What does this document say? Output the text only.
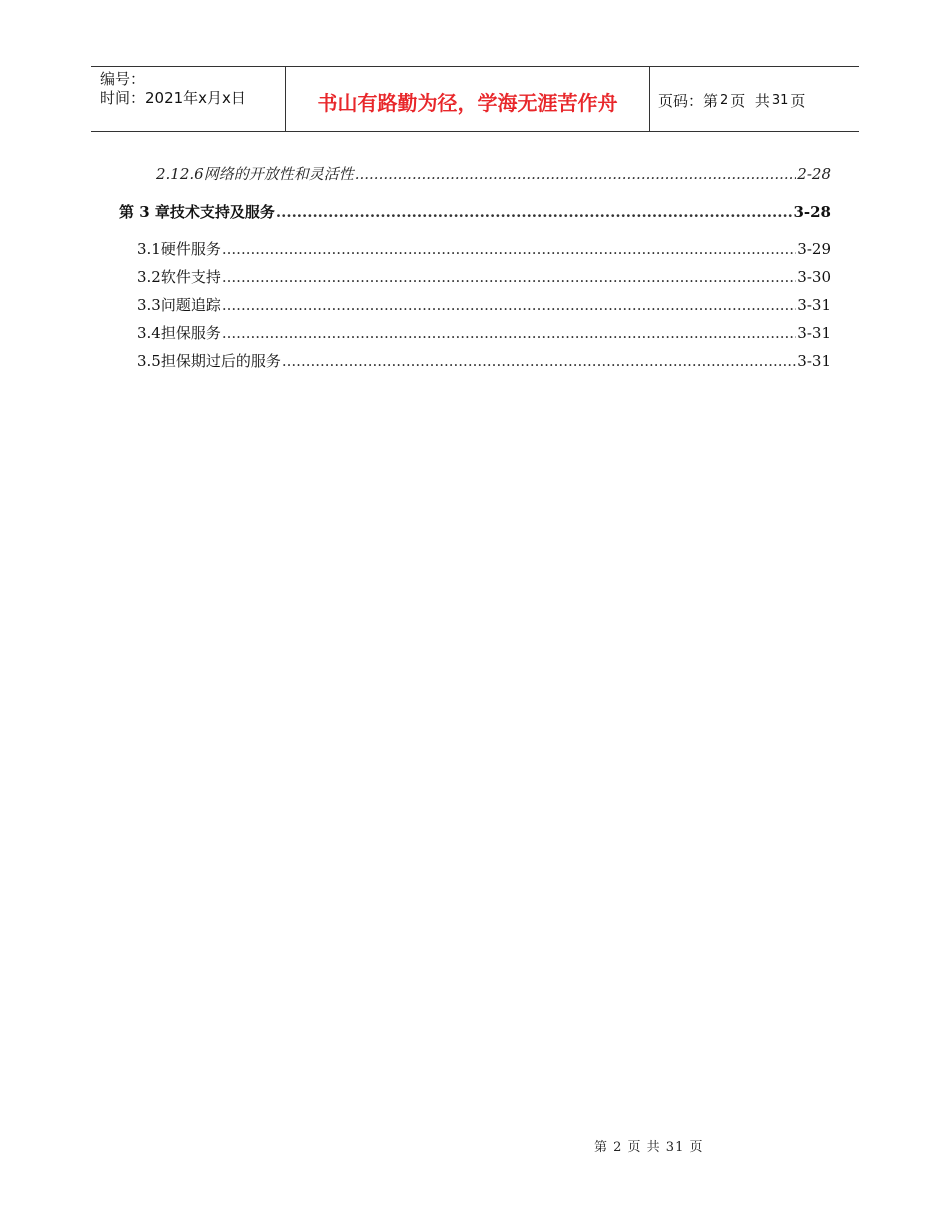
编号：
时间：2021年x月x日	书山有路勤为径，学海无涯苦作舟	页码：第 2 页  共 31 页
2.12.6 网络的开放性和灵活性 .....	2-28
第 3 章 技术支持及服务 .....	3-28
3.1 硬件服务 .....	3-29
3.2 软件支持 .....	3-30
3.3 问题追踪 .....	3-31
3.4 担保服务 .....	3-31
3.5 担保期过后的服务 .....	3-31
第 2 页 共 31 页
